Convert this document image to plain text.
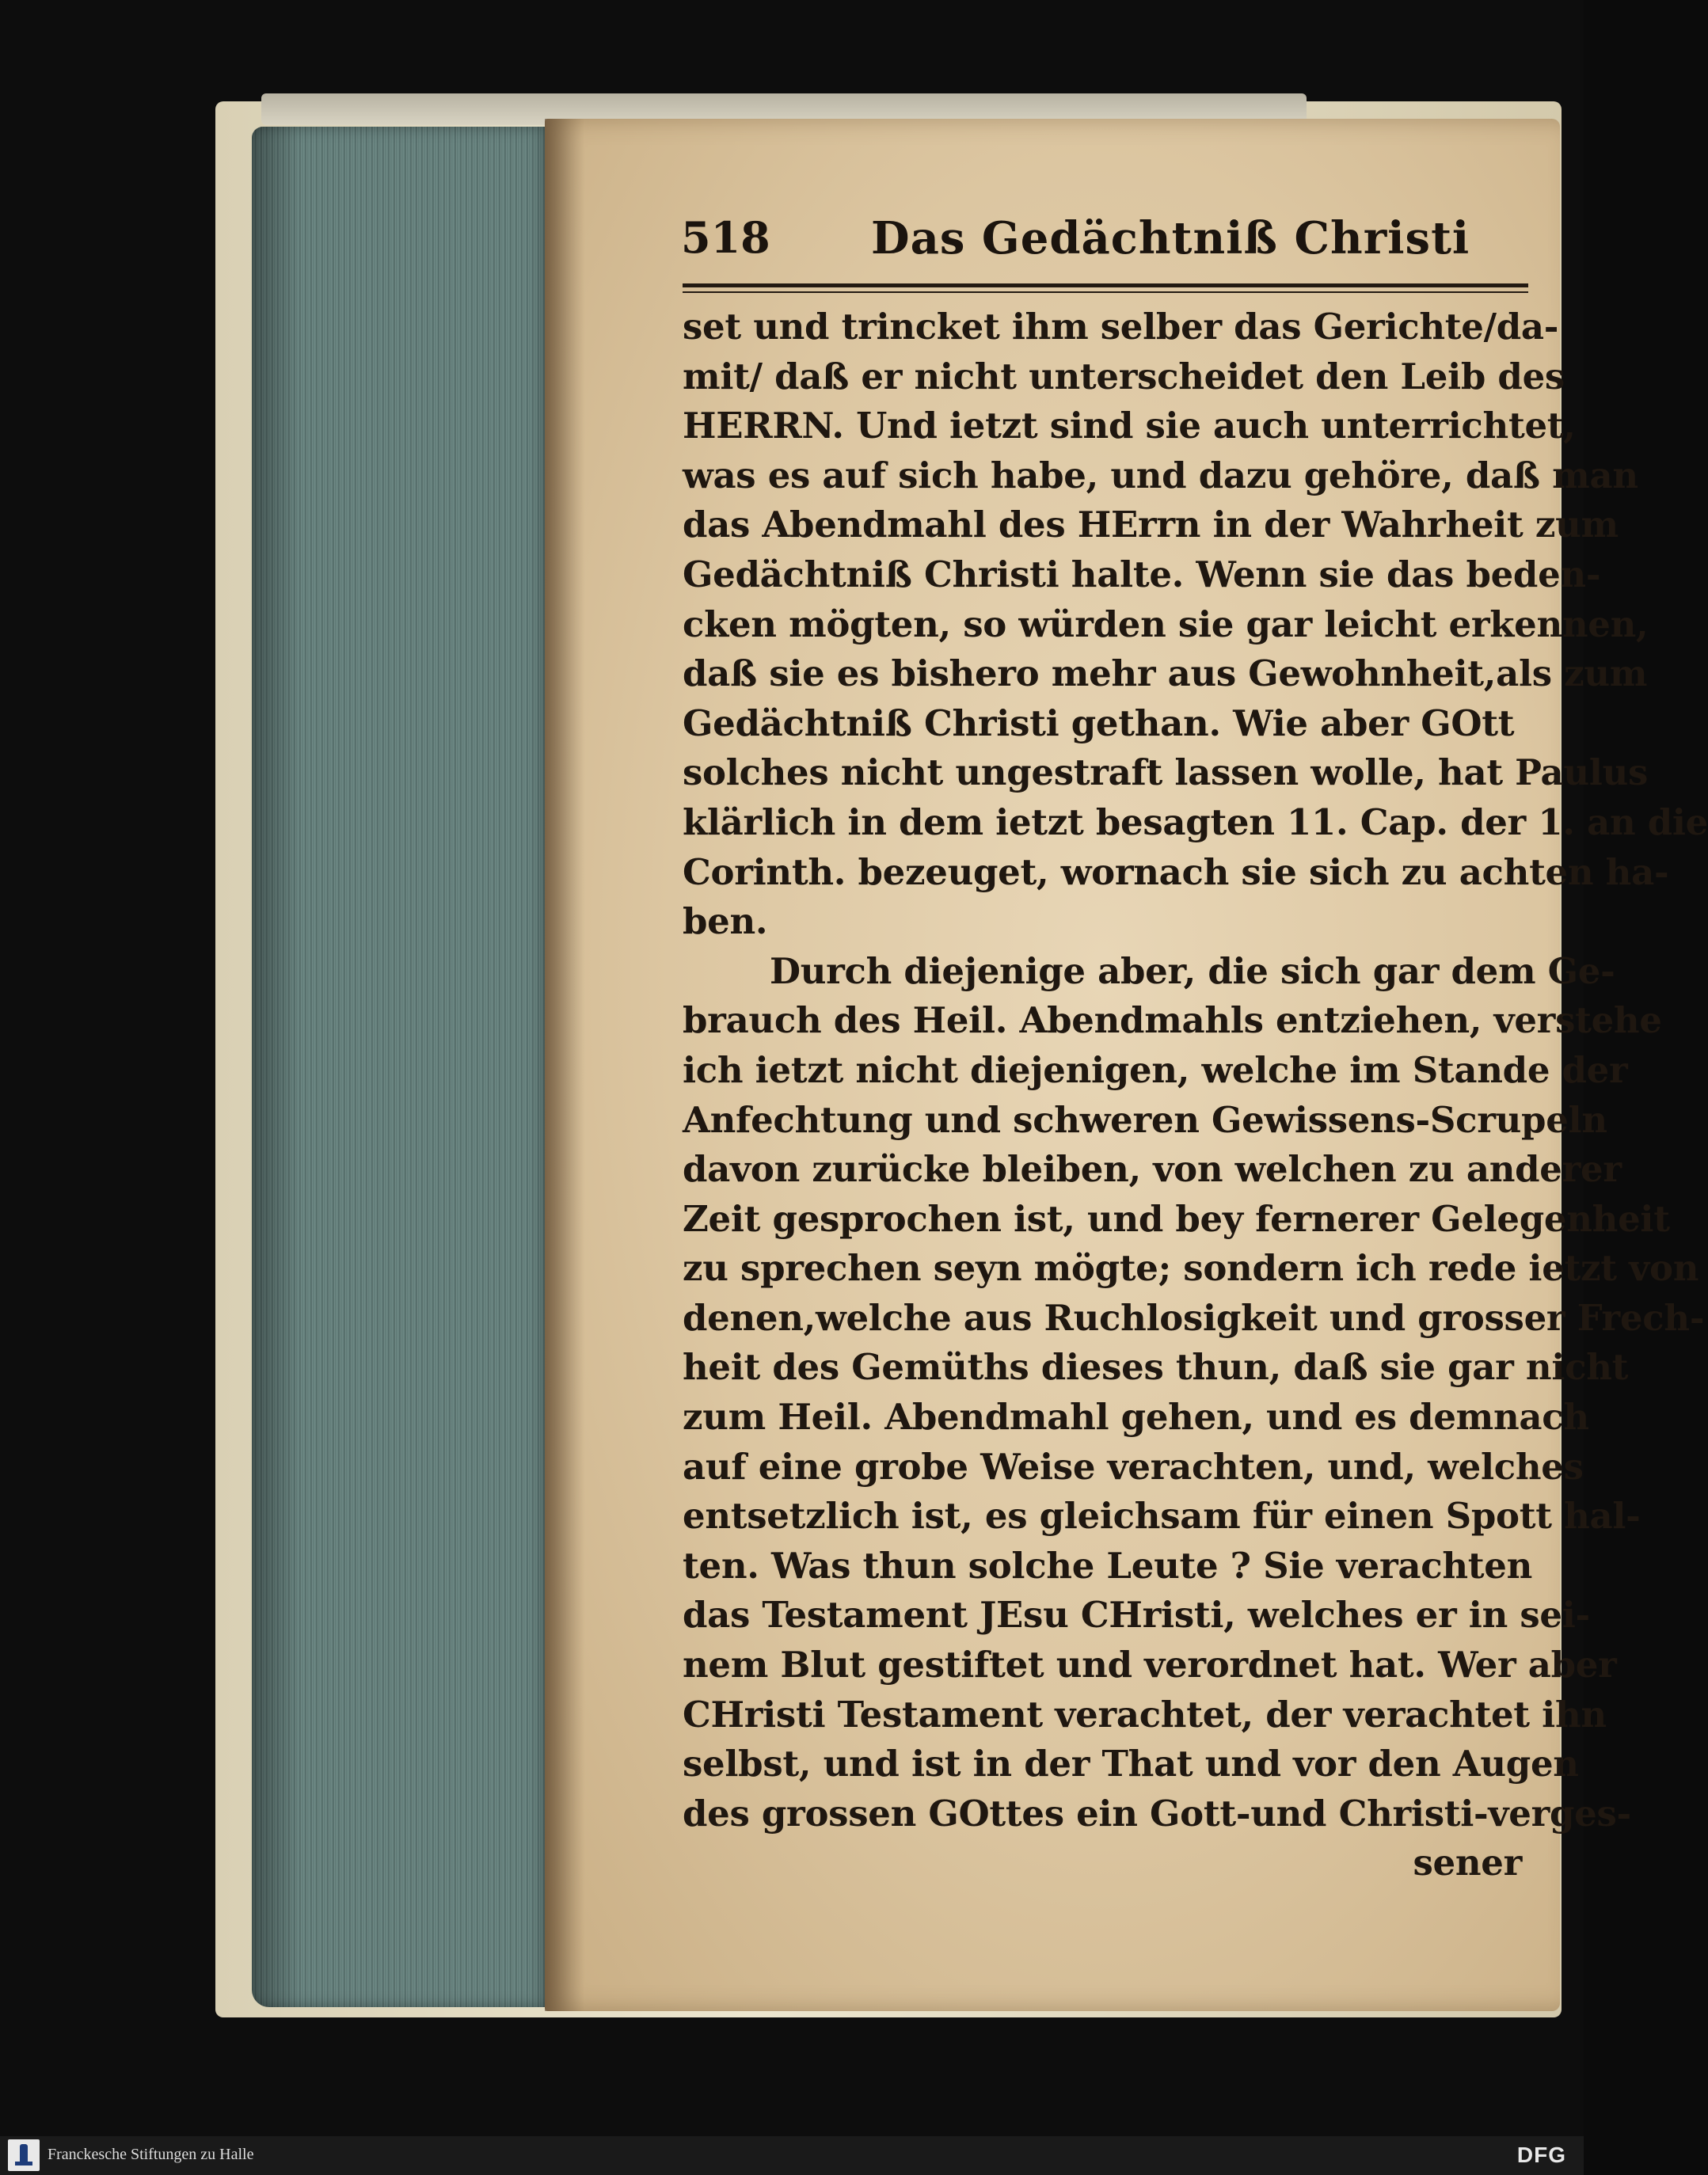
518 Das Gedächtniß Christi
set und trincket ihm selber das Gerichte/da-
mit/ daß er nicht unterscheidet den Leib des
HERRN. Und ietzt sind sie auch unterrichtet,
was es auf sich habe, und dazu gehöre, daß man
das Abendmahl des HErrn in der Wahrheit zum
Gedächtniß Christi halte. Wenn sie das beden-
cken mögten, so würden sie gar leicht erkennen,
daß sie es bishero mehr aus Gewohnheit,als zum
Gedächtniß Christi gethan. Wie aber GOtt
solches nicht ungestraft lassen wolle, hat Paulus
klärlich in dem ietzt besagten 11. Cap. der 1. an die
Corinth. bezeuget, wornach sie sich zu achten ha-
ben.
Durch diejenige aber, die sich gar dem Ge-
brauch des Heil. Abendmahls entziehen, verstehe
ich ietzt nicht diejenigen, welche im Stande der
Anfechtung und schweren Gewissens-Scrupeln
davon zurücke bleiben, von welchen zu anderer
Zeit gesprochen ist, und bey fernerer Gelegenheit
zu sprechen seyn mögte; sondern ich rede ietzt von
denen,welche aus Ruchlosigkeit und grosser Frech-
heit des Gemüths dieses thun, daß sie gar nicht
zum Heil. Abendmahl gehen, und es demnach
auf eine grobe Weise verachten, und, welches
entsetzlich ist, es gleichsam für einen Spott hal-
ten. Was thun solche Leute ? Sie verachten
das Testament JEsu CHristi, welches er in sei-
nem Blut gestiftet und verordnet hat. Wer aber
CHristi Testament verachtet, der verachtet ihn
selbst, und ist in der That und vor den Augen
des grossen GOttes ein Gott-und Christi-verges-
sener
Franckesche Stiftungen zu Halle	DFG
